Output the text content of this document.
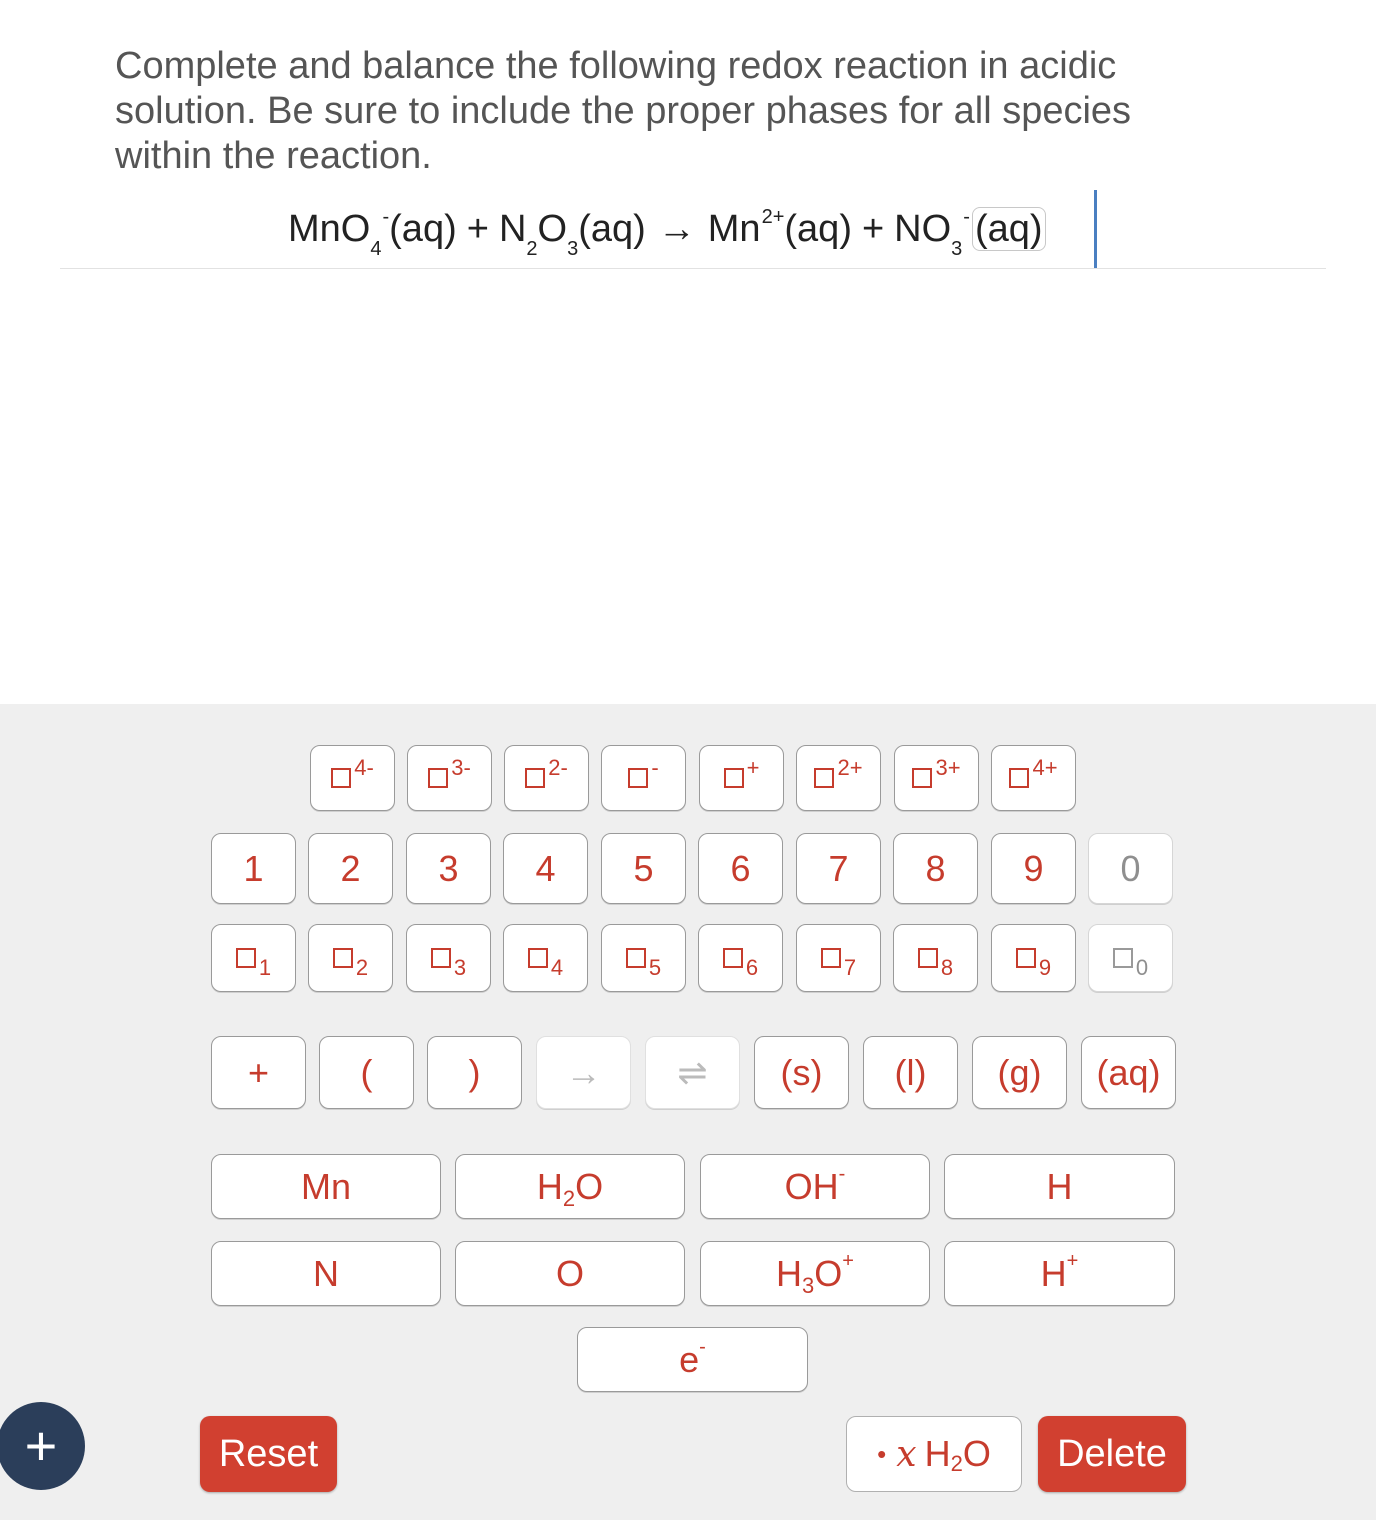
Complete and balance the following redox reaction in acidic solution. Be sure to include the proper phases for all species within the reaction.
$MnO_4^-(aq) + N_2O_3(aq) \to Mn^{2+}(aq) + NO_3^-$ (aq)
4-	3-	2-	-	+	2+	3+	4+
1	2	3	4	5	6	7	8	9	0
1	2	3	4	5	6	7	8	9	0
+	(	)	→	⇌	(s)	(l)	(g)	(aq)
Mn	H 2 O	OH -	H
N	O	H 3 O +	H +
e -
Reset	• x H 2 O	Delete
+
